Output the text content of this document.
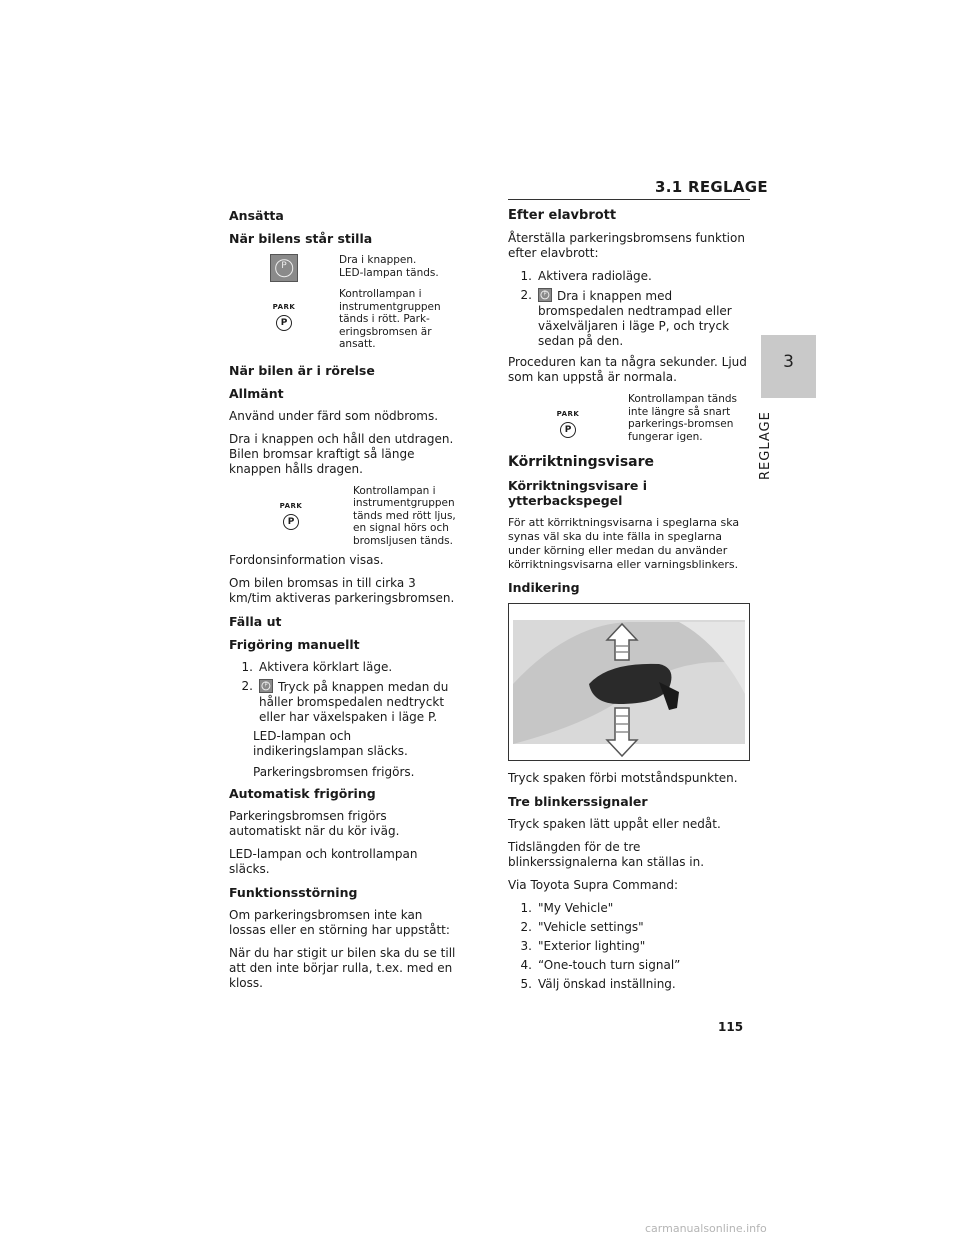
3.1 REGLAGE
3
REGLAGE
Ansätta
När bilens står stilla
P
Dra i knappen.
LED-lampan tänds.
PARK
P
Kontrollampan i instrumentgruppen tänds i rött. Park-eringsbromsen är ansatt.
När bilen är i rörelse
Allmänt

Använd under färd som nödbroms.

Dra i knappen och håll den utdragen. Bilen bromsar kraftigt så länge knappen hålls dragen.

PARK
P
Kontrollampan i instrumentgruppen tänds med rött ljus, en signal hörs och bromsljusen tänds.

Fordonsinformation visas.

Om bilen bromsas in till cirka 3 km/tim aktiveras parkeringsbromsen.

Fälla ut
Frigöring manuellt
1. Aktivera körklart läge.
2.	P Tryck på knappen medan du håller bromspedalen nedtryckt eller har växelspaken i läge P.

LED-lampan och indikeringslampan släcks.

Parkeringsbromsen frigörs.

Automatisk frigöring

Parkeringsbromsen frigörs automatiskt när du kör iväg.

LED-lampan och kontrollampan släcks.

Funktionsstörning

Om parkeringsbromsen inte kan lossas eller en störning har uppstått:

När du har stigit ur bilen ska du se till att den inte börjar rulla, t.ex. med en kloss.

Efter elavbrott

Återställa parkeringsbromsens funktion efter elavbrott:

1. Aktivera radioläge.
2.	P Dra i knappen med bromspedalen nedtrampad eller växelväljaren i läge P, och tryck sedan på den.

Proceduren kan ta några sekunder. Ljud som kan uppstå är normala.

PARK
P
Kontrollampan tänds inte längre så snart parkerings-bromsen fungerar igen.
Körriktningsvisare
Körriktningsvisare i ytterbackspegel

För att körriktningsvisarna i speglarna ska synas väl ska du inte fälla in speglarna under körning eller medan du använder körriktningsvisarna eller varningsblinkers.

Indikering

Tryck spaken förbi motståndspunkten.

Tre blinkerssignaler

Tryck spaken lätt uppåt eller nedåt.

Tidslängden för de tre blinkerssignalerna kan ställas in.

Via Toyota Supra Command:

1. "My Vehicle"
2. "Vehicle settings"
3. "Exterior lighting"
4. “One-touch turn signal”
5. Välj önskad inställning.
115
carmanualsonline.info
